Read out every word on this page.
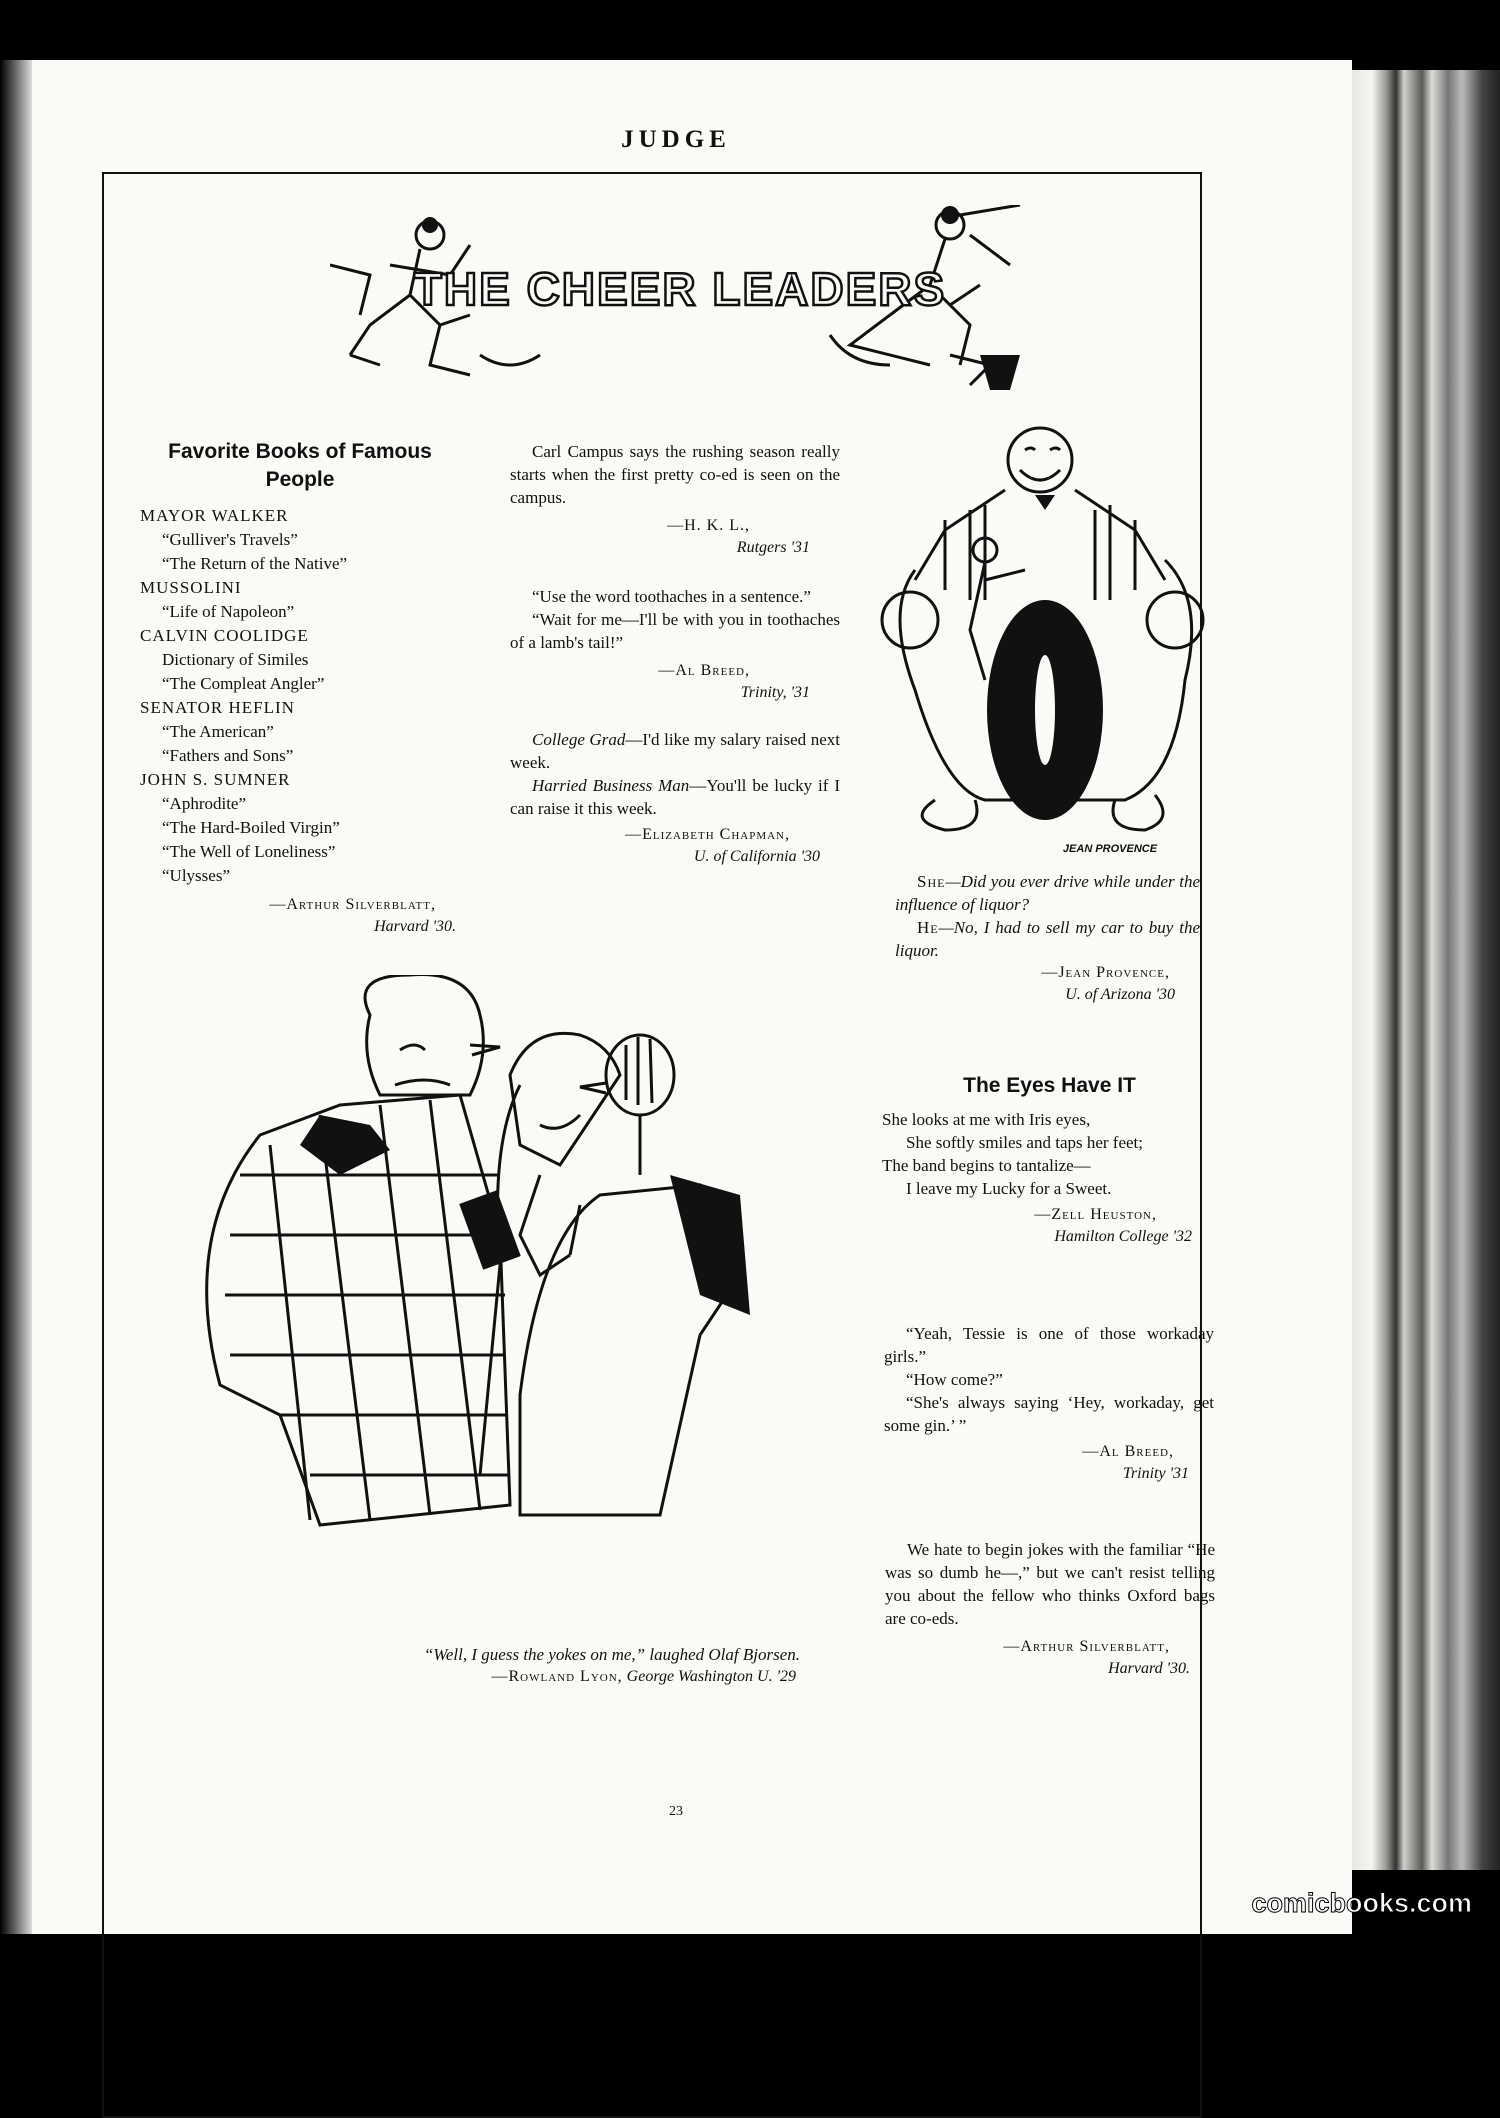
JUDGE
THE CHEER LEADERS
Favorite Books of Famous People
MAYOR WALKER
“Gulliver's Travels”
“The Return of the Native”
MUSSOLINI
“Life of Napoleon”
CALVIN COOLIDGE
Dictionary of Similes
“The Compleat Angler”
SENATOR HEFLIN
“The American”
“Fathers and Sons”
JOHN S. SUMNER
“Aphrodite”
“The Hard-Boiled Virgin”
“The Well of Loneliness”
“Ulysses”
—Arthur Silverblatt,
Harvard '30.
Carl Campus says the rushing season really starts when the first pretty co-ed is seen on the campus.
—H. K. L.,
Rutgers '31
“Use the word toothaches in a sentence.”
“Wait for me—I'll be with you in toothaches of a lamb's tail!”
—Al Breed,
Trinity, '31
College Grad—I'd like my salary raised next week.
Harried Business Man—You'll be lucky if I can raise it this week.
—Elizabeth Chapman,
U. of California '30	JEAN PROVENCE
She—Did you ever drive while under the influence of liquor?
He—No, I had to sell my car to buy the liquor.
—Jean Provence,
U. of Arizona '30
The Eyes Have IT
She looks at me with Iris eyes,
She softly smiles and taps her feet;
The band begins to tantalize—
I leave my Lucky for a Sweet.
—Zell Heuston,
Hamilton College '32
“Yeah, Tessie is one of those workaday girls.”
“How come?”
“She's always saying ‘Hey, workaday, get some gin.’ ”
—Al Breed,
Trinity '31
We hate to begin jokes with the familiar “He was so dumb he—,” but we can't resist telling you about the fellow who thinks Oxford bags are co-eds.
—Arthur Silverblatt,
Harvard '30.
“Well, I guess the yokes on me,” laughed Olaf Bjorsen.
—Rowland Lyon, George Washington U. '29
23
comicbooks.com
